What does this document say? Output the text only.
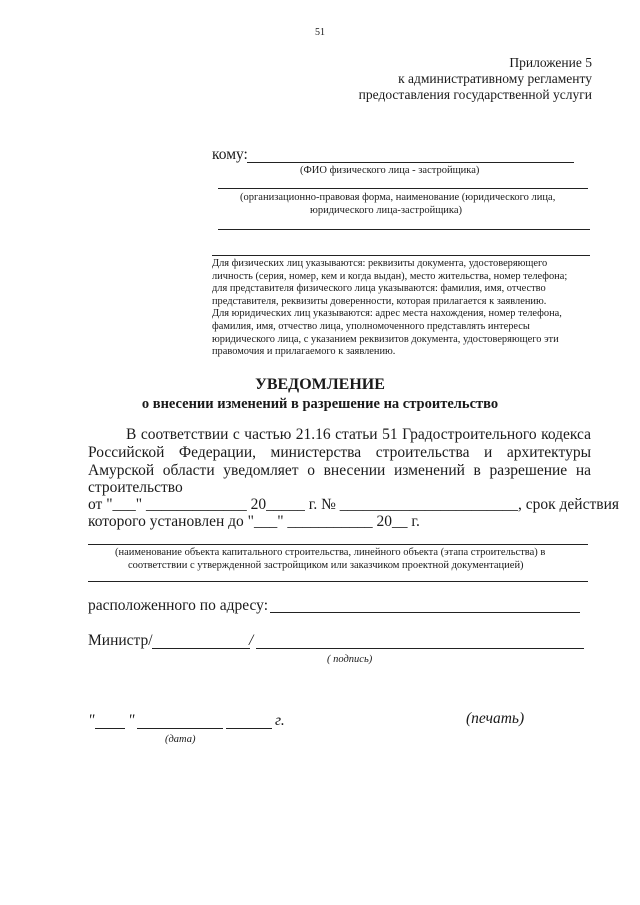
51
Приложение 5
к административному регламенту
предоставления государственной услуги
кому:
(ФИО физического лица - застройщика)
(организационно-правовая форма, наименование (юридического лица,
юридического лица-застройщика)
Для физических лиц указываются: реквизиты документа, удостоверяющего
личность (серия, номер, кем и когда выдан), место жительства, номер телефона;
для представителя физического лица указываются: фамилия, имя, отчество
представителя, реквизиты доверенности, которая прилагается к заявлению.
Для юридических лиц указываются: адрес места нахождения, номер телефона,
фамилия, имя, отчество лица, уполномоченного представлять интересы
юридического лица, с указанием реквизитов документа, удостоверяющего эти
правомочия и прилагаемого к заявлению.
УВЕДОМЛЕНИЕ
о внесении изменений в разрешение на строительство
В соответствии с частью 21.16 статьи 51 Градостроительного кодекса
Российской Федерации, министерства строительства и архитектуры
Амурской области уведомляет о внесении изменений в разрешение на
строительство
от "___" _____________ 20_____ г. № _______________________, срок действия
которого установлен до "___" ___________ 20__ г.
(наименование объекта капитального строительства, линейного объекта (этапа строительства) в
соответствии с утвержденной застройщиком или заказчиком проектной документацией)
расположенного по адресу:
Министр/	/
( подпись)
" "	г.	(печать)
(дата)
